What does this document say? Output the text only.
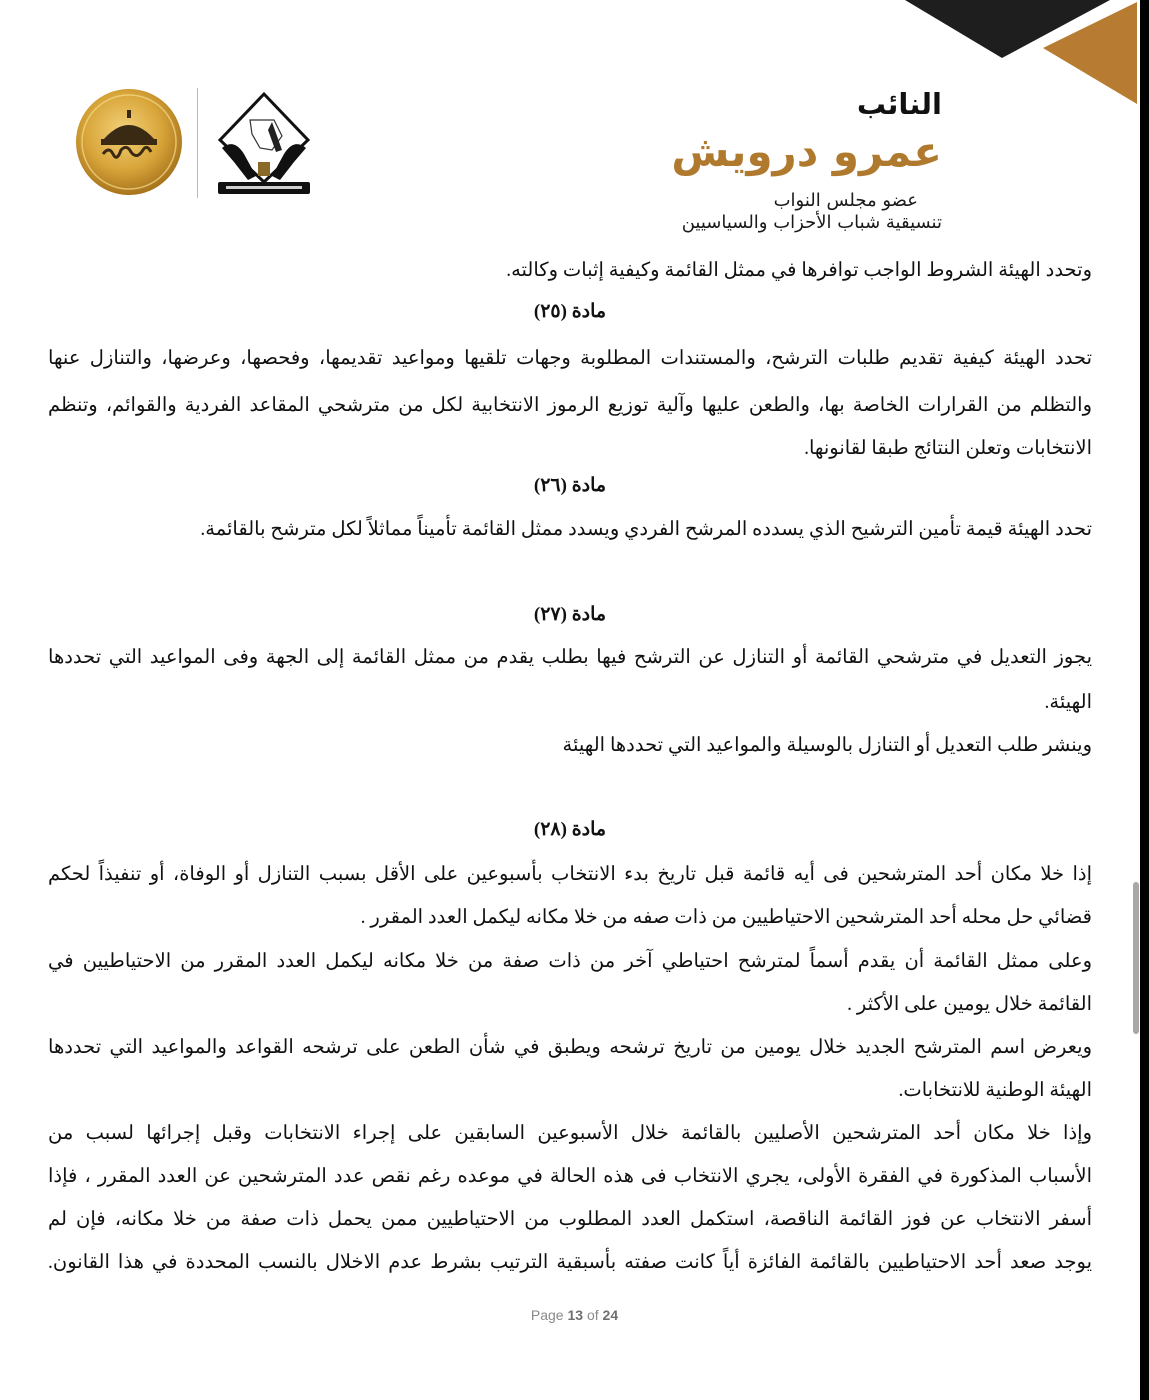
النائب
عمرو درويش
عضو مجلس النواب
تنسيقية شباب الأحزاب والسياسيين
وتحدد الهيئة الشروط الواجب توافرها في ممثل القائمة وكيفية إثبات وكالته.
مادة (٢٥)
تحدد الهيئة كيفية تقديم طلبات الترشح، والمستندات المطلوبة وجهات تلقيها ومواعيد تقديمها، وفحصها، وعرضها، والتنازل عنها
والتظلم من القرارات الخاصة بها، والطعن عليها وآلية توزيع الرموز الانتخابية لكل من مترشحي المقاعد الفردية والقوائم، وتنظم
الانتخابات وتعلن النتائج طبقا لقانونها.
مادة (٢٦)
تحدد الهيئة قيمة تأمين الترشيح الذي يسدده المرشح الفردي ويسدد ممثل القائمة تأميناً مماثلاً لكل مترشح بالقائمة.
مادة (٢٧)
يجوز التعديل في مترشحي القائمة أو التنازل عن الترشح فيها بطلب يقدم من ممثل القائمة إلى الجهة وفى المواعيد التي تحددها
الهيئة.
وينشر طلب التعديل أو التنازل بالوسيلة والمواعيد التي تحددها الهيئة
مادة (٢٨)
إذا خلا مكان أحد المترشحين فى أيه قائمة قبل تاريخ بدء الانتخاب بأسبوعين على الأقل بسبب التنازل أو الوفاة، أو تنفيذاً لحكم
قضائي حل محله أحد المترشحين الاحتياطيين من ذات صفه من خلا مكانه ليكمل العدد المقرر .
وعلى ممثل القائمة أن يقدم أسماً لمترشح احتياطي آخر من ذات صفة من خلا مكانه ليكمل العدد المقرر من الاحتياطيين في
القائمة خلال يومين على الأكثر .
ويعرض اسم المترشح الجديد خلال يومين من تاريخ ترشحه ويطبق في شأن الطعن على ترشحه القواعد والمواعيد التي تحددها
الهيئة الوطنية للانتخابات.
وإذا خلا مكان أحد المترشحين الأصليين بالقائمة خلال الأسبوعين السابقين على إجراء الانتخابات وقبل إجرائها لسبب من
الأسباب المذكورة في الفقرة الأولى، يجري الانتخاب فى هذه الحالة في موعده رغم نقص عدد المترشحين عن العدد المقرر ، فإذا
أسفر الانتخاب عن فوز القائمة الناقصة، استكمل العدد المطلوب من الاحتياطيين ممن يحمل ذات صفة من خلا مكانه، فإن لم
يوجد صعد أحد الاحتياطيين بالقائمة الفائزة أياً كانت صفته بأسبقية الترتيب بشرط عدم الاخلال بالنسب المحددة في هذا القانون.
Page 13 of 24
